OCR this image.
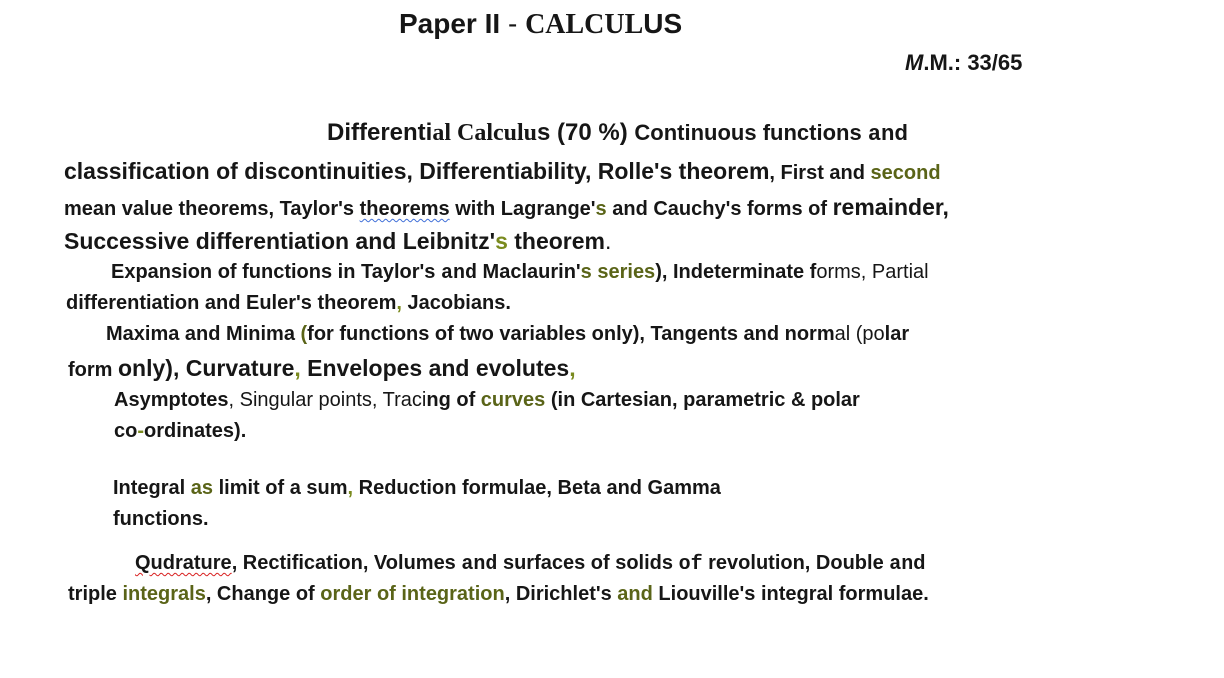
Paper II - CALCULUS
M.M.: 33/65
Differential Calculus (70 %) Continuous functions and
classification of discontinuities, Differentiability, Rolle's theorem, First and second
mean value theorems, Taylor's theorems with Lagrange's and Cauchy's forms of remainder,
Successive differentiation and Leibnitz's theorem.
Expansion of functions in Taylor's and Maclaurin's series), Indeterminate forms, Partial
differentiation and Euler's theorem, Jacobians.
Maxima and Minima (for functions of two variables only), Tangents and normal (polar
form only), Curvature, Envelopes and evolutes,
Asymptotes, Singular points, Tracing of curves (in Cartesian, parametric & polar
co-ordinates).
Integral as limit of a sum, Reduction formulae, Beta and Gamma
functions.
Qudrature, Rectification, Volumes and surfaces of solids of revolution, Double and
triple integrals, Change of order of integration, Dirichlet's and Liouville's integral formulae.
